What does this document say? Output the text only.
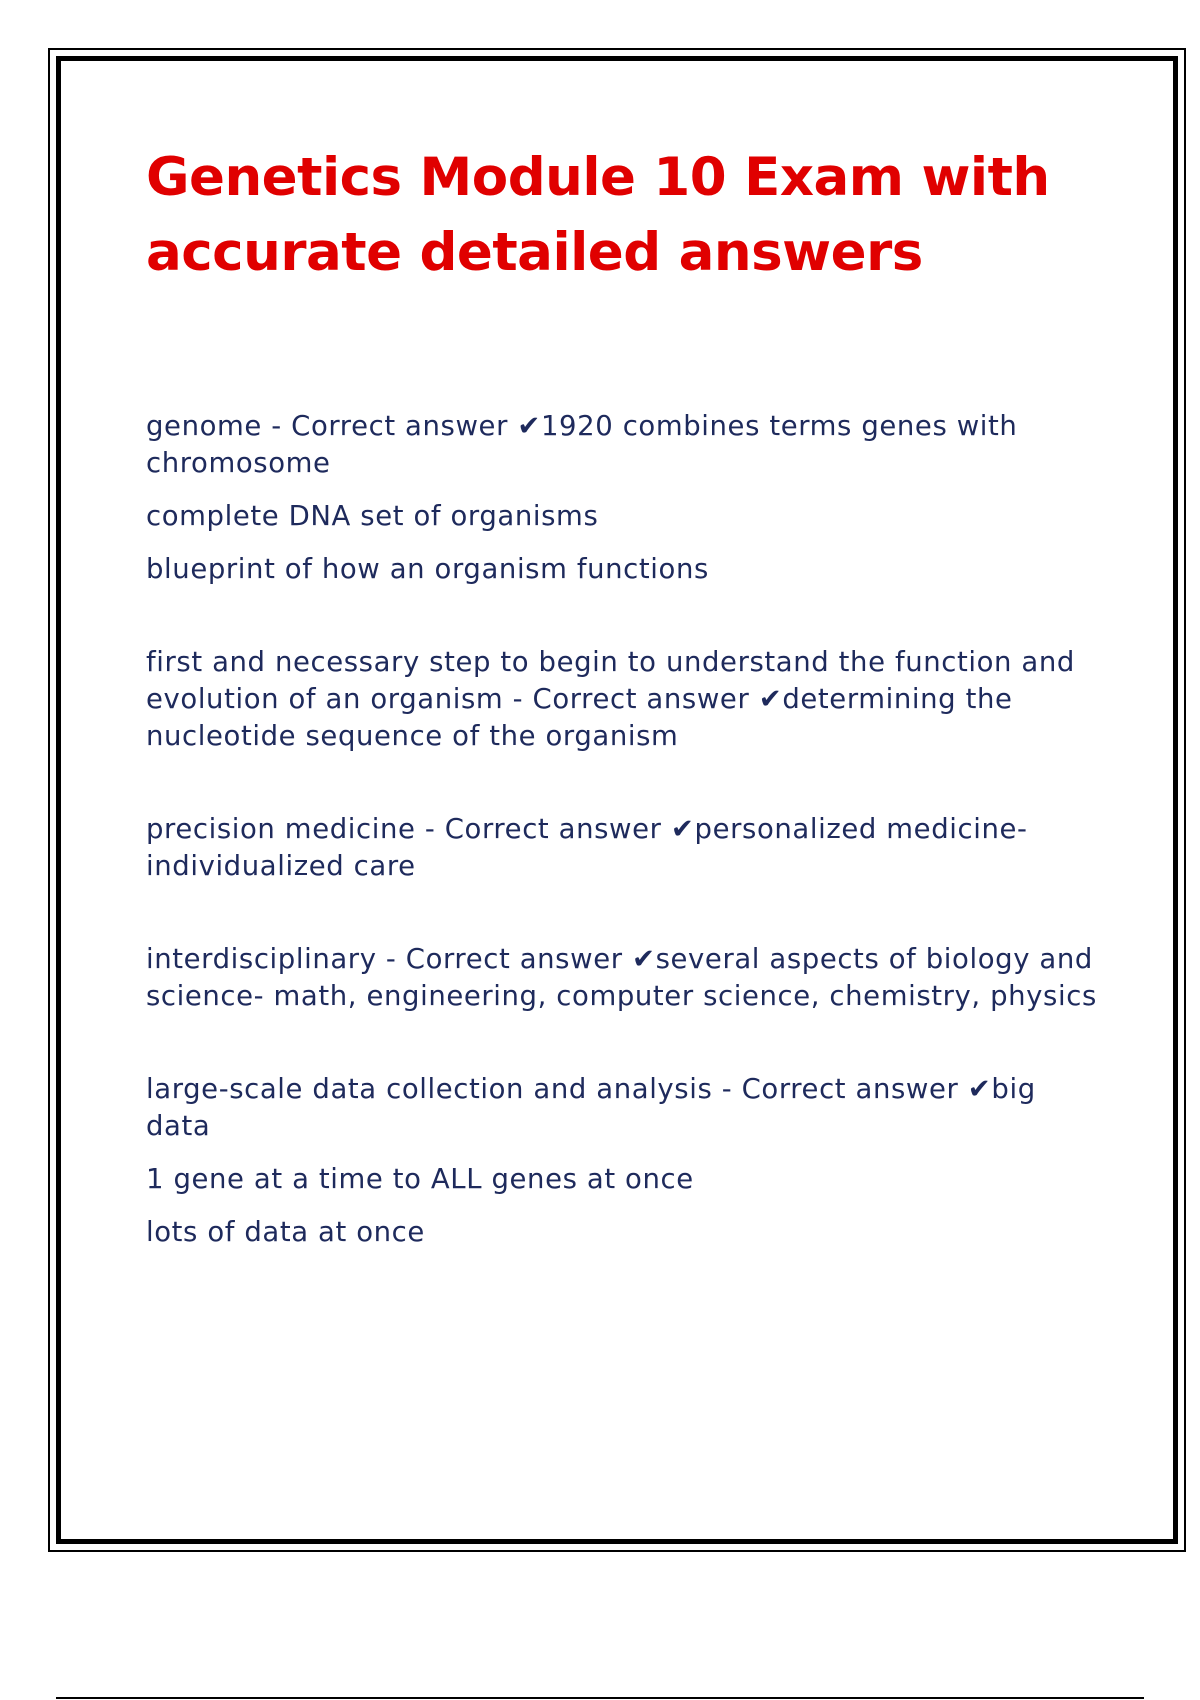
Genetics Module 10 Exam with accurate detailed answers

genome - Correct answer ✔1920 combines terms genes with chromosome

complete DNA set of organisms

blueprint of how an organism functions

first and necessary step to begin to understand the function and evolution of an organism - Correct answer ✔determining the nucleotide sequence of the organism

precision medicine - Correct answer ✔personalized medicine- individualized care

interdisciplinary - Correct answer ✔several aspects of biology and science- math, engineering, computer science, chemistry, physics

large-scale data collection and analysis - Correct answer ✔big data

1 gene at a time to ALL genes at once

lots of data at once
